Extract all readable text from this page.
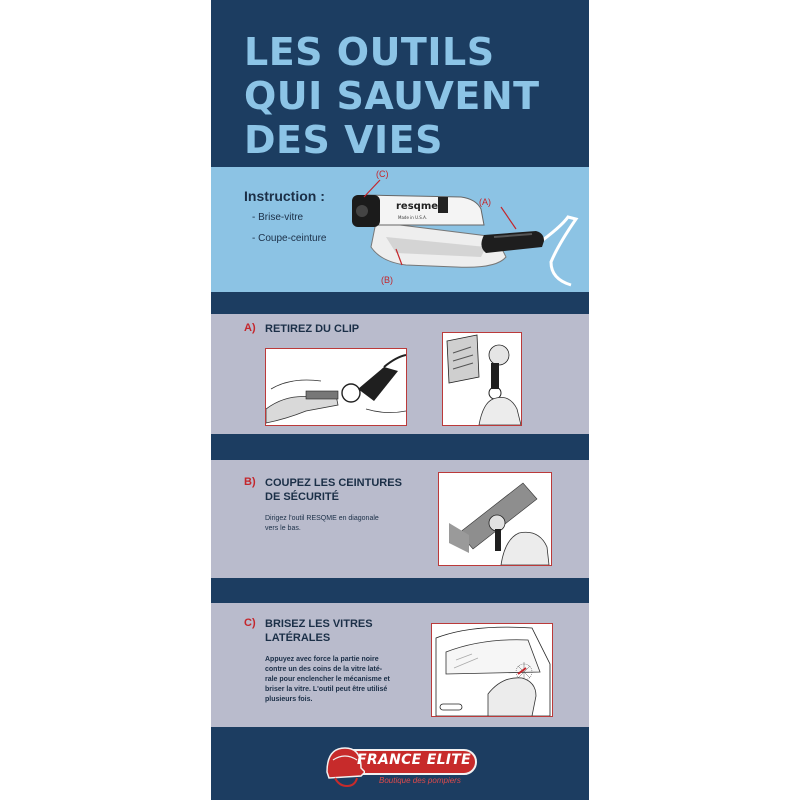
LES OUTILS
QUI SAUVENT
DES VIES
Instruction :
- Brise-vitre
- Coupe-ceinture
resqme
Made in U.S.A.
(C)
(A)
(B)
A) RETIREZ DU CLIP
B) COUPEZ LES CEINTURES
DE SÉCURITÉ
Dirigez l'outil RESQME en diagonale
vers le bas.
C) BRISEZ LES VITRES
LATÉRALES
Appuyez avec force la partie noire
contre un des coins de la vitre laté-
rale pour enclencher le mécanisme et
briser la vitre. L'outil peut être utilisé
plusieurs fois.
FRANCE ELITE
Boutique des pompiers
